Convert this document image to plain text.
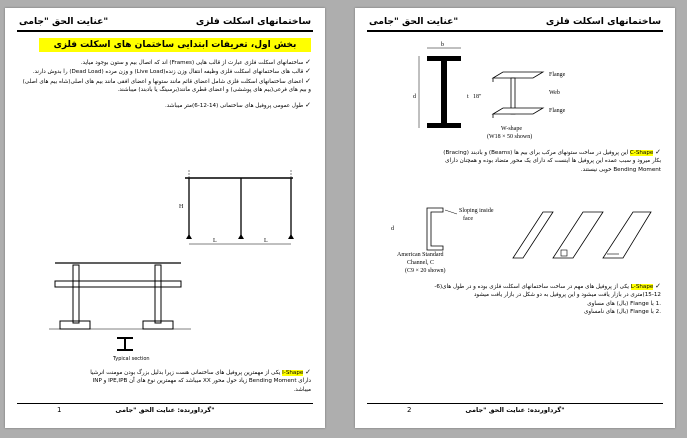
ساختمانهای اسکلت فلزی
عنایت الحق "جامی"
بخش اول، تعریفات ابتدایی ساختمان های اسکلت فلزی
✓ ساختمانهای اسکلت فلزی عبارت از قالب هایی (Frames) اند که اتصال بیم و ستون بوجود میاید.
✓ قالب های ساختمانهای اسکلت فلزی وظیفه انتقال وزن زنده(Live Load) و وزن مرده (Dead Load) را بدوش دارند.
✓ اعضای ساختمانهای اسکلت فلزی شامل اعضای قائم مانند ستونها و اعضای افقی مانند بیم های اصلی(شاه بیم های اصلی) و بیم های فرعی(بیم های پوششی) و اعضای قطری مانند(برسینگ یا بادبند) میباشند.
✓ طول عمومی پروفیل های ساختمانی (14-12-6)متر میباشد.
L	L
H
Typical section
✓ I-Shape یکی از مهمترین پروفیل های ساختمانی هست زیرا بدلیل بزرگ بودن مومنت انرشیا
دارای Bending Moment زیاد حول محور XX میباشد که مهمترین نوع های آن IPE,IPB و INP
میباشد.
1	گرداورنده: عنایت الحق "جامی"
ساختمانهای اسکلت فلزی
عنایت الحق "جامی"
b
d	t
Flange
Web
Flange
18"
W-shape
(W18 × 50 shown)
✓ C-Shape این پروفیل در ساخت ستونهای مرکب برای بیم ها (Beams) و بادبند (Bracing)
بکار میرود و سبب عمده این پروفیل ها اینست که دارای یک محور متضاد بوده و همچنان دارای
Bending Moment خوبی نیستند.
d
Sloping inside
face
American Standard
Channel, C
(C9 × 20 shown)
✓ L-Shape یکی از پروفیل های مهم در ساخت ساختمانهای اسکلت فلزی بوده و در طول های(6-
15-12)متری در بازار یافت میشود و این پروفیل به دو شکل در بازار یافت میشود
.1 با Flange (بال) های مساوی
.2 با Flange (بال) های نامساوی
2	گرداورنده: عنایت الحق "جامی"
